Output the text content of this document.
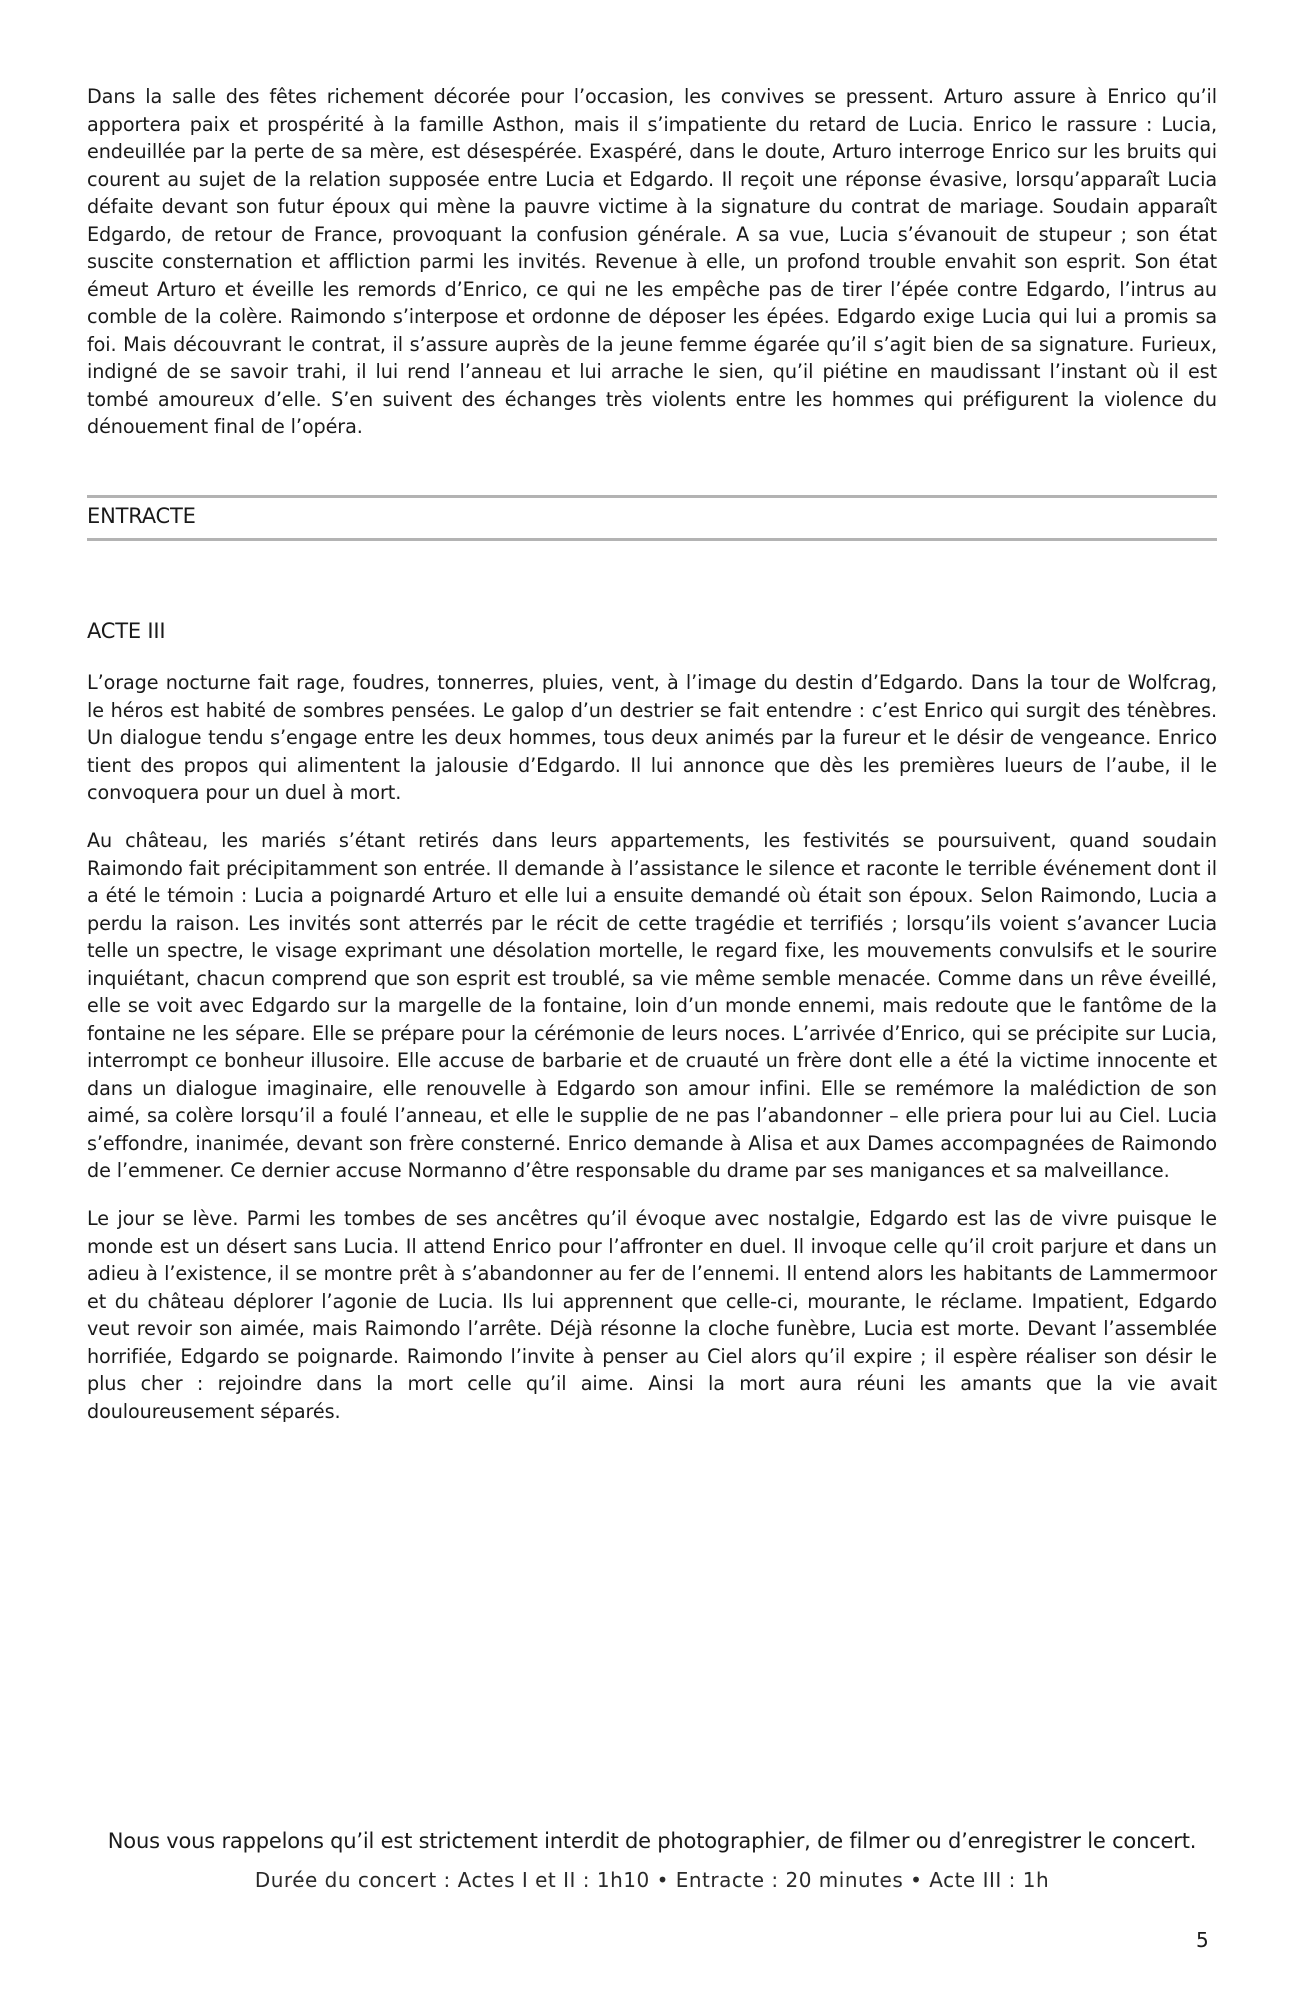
Dans la salle des fêtes richement décorée pour l’occasion, les convives se pressent. Arturo assure à Enrico qu’il apportera paix et prospérité à la famille Asthon, mais il s’impatiente du retard de Lucia. Enrico le rassure : Lucia, endeuillée par la perte de sa mère, est désespérée. Exaspéré, dans le doute, Arturo interroge Enrico sur les bruits qui courent au sujet de la relation supposée entre Lucia et Edgardo. Il reçoit une réponse évasive, lorsqu’apparaît Lucia défaite devant son futur époux qui mène la pauvre victime à la signature du contrat de mariage. Soudain apparaît Edgardo, de retour de France, provoquant la confusion générale. A sa vue, Lucia s’évanouit de stupeur ; son état suscite consternation et affliction parmi les invités. Revenue à elle, un profond trouble envahit son esprit. Son état émeut Arturo et éveille les remords d’Enrico, ce qui ne les empêche pas de tirer l’épée contre Edgardo, l’intrus au comble de la colère. Raimondo s’interpose et ordonne de déposer les épées. Edgardo exige Lucia qui lui a promis sa foi. Mais découvrant le contrat, il s’assure auprès de la jeune femme égarée qu’il s’agit bien de sa signature. Furieux, indigné de se savoir trahi, il lui rend l’anneau et lui arrache le sien, qu’il piétine en maudissant l’instant où il est tombé amoureux d’elle. S’en suivent des échanges très violents entre les hommes qui préfigurent la violence du dénouement final de l’opéra.

ENTRACTE
ACTE III

L’orage nocturne fait rage, foudres, tonnerres, pluies, vent, à l’image du destin d’Edgardo. Dans la tour de Wolfcrag, le héros est habité de sombres pensées. Le galop d’un destrier se fait entendre : c’est Enrico qui surgit des ténèbres. Un dialogue tendu s’engage entre les deux hommes, tous deux animés par la fureur et le désir de vengeance. Enrico tient des propos qui alimentent la jalousie d’Edgardo. Il lui annonce que dès les premières lueurs de l’aube, il le convoquera pour un duel à mort.

Au château, les mariés s’étant retirés dans leurs appartements, les festivités se poursuivent, quand soudain Raimondo fait précipitamment son entrée. Il demande à l’assistance le silence et raconte le terrible événement dont il a été le témoin : Lucia a poignardé Arturo et elle lui a ensuite demandé où était son époux. Selon Raimondo, Lucia a perdu la raison. Les invités sont atterrés par le récit de cette tragédie et terrifiés ; lorsqu’ils voient s’avancer Lucia telle un spectre, le visage exprimant une désolation mortelle, le regard fixe, les mouvements convulsifs et le sourire inquiétant, chacun comprend que son esprit est troublé, sa vie même semble menacée. Comme dans un rêve éveillé, elle se voit avec Edgardo sur la margelle de la fontaine, loin d’un monde ennemi, mais redoute que le fantôme de la fontaine ne les sépare. Elle se prépare pour la cérémonie de leurs noces. L’arrivée d’Enrico, qui se précipite sur Lucia, interrompt ce bonheur illusoire. Elle accuse de barbarie et de cruauté un frère dont elle a été la victime innocente et dans un dialogue imaginaire, elle renouvelle à Edgardo son amour infini. Elle se remémore la malédiction de son aimé, sa colère lorsqu’il a foulé l’anneau, et elle le supplie de ne pas l’abandonner – elle priera pour lui au Ciel. Lucia s’effondre, inanimée, devant son frère consterné. Enrico demande à Alisa et aux Dames accompagnées de Raimondo de l’emmener. Ce dernier accuse Normanno d’être responsable du drame par ses manigances et sa malveillance.

Le jour se lève. Parmi les tombes de ses ancêtres qu’il évoque avec nostalgie, Edgardo est las de vivre puisque le monde est un désert sans Lucia. Il attend Enrico pour l’affronter en duel. Il invoque celle qu’il croit parjure et dans un adieu à l’existence, il se montre prêt à s’abandonner au fer de l’ennemi. Il entend alors les habitants de Lammermoor et du château déplorer l’agonie de Lucia. Ils lui apprennent que celle-ci, mourante, le réclame. Impatient, Edgardo veut revoir son aimée, mais Raimondo l’arrête. Déjà résonne la cloche funèbre, Lucia est morte. Devant l’assemblée horrifiée, Edgardo se poignarde. Raimondo l’invite à penser au Ciel alors qu’il expire ; il espère réaliser son désir le plus cher : rejoindre dans la mort celle qu’il aime. Ainsi la mort aura réuni les amants que la vie avait douloureusement séparés.

Nous vous rappelons qu’il est strictement interdit de photographier, de filmer ou d’enregistrer le concert.
Durée du concert : Actes I et II : 1h10 • Entracte : 20 minutes • Acte III : 1h
5
